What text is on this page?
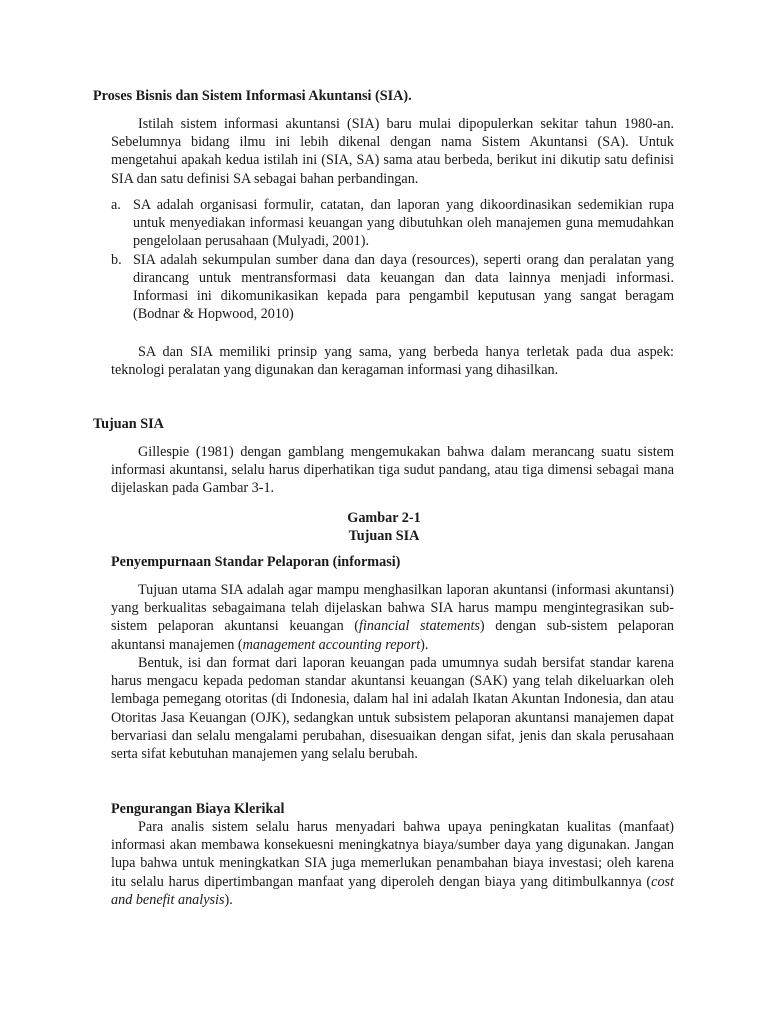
Proses Bisnis dan Sistem Informasi Akuntansi (SIA).

Istilah sistem informasi akuntansi (SIA) baru mulai dipopulerkan sekitar tahun 1980-an. Sebelumnya bidang ilmu ini lebih dikenal dengan nama Sistem Akuntansi (SA). Untuk mengetahui apakah kedua istilah ini (SIA, SA) sama atau berbeda, berikut ini dikutip satu definisi SIA dan satu definisi SA sebagai bahan perbandingan.

a. SA adalah organisasi formulir, catatan, dan laporan yang dikoordinasikan sedemikian rupa untuk menyediakan informasi keuangan yang dibutuhkan oleh manajemen guna memudahkan pengelolaan perusahaan (Mulyadi, 2001).
b. SIA adalah sekumpulan sumber dana dan daya (resources), seperti orang dan peralatan yang dirancang untuk mentransformasi data keuangan dan data lainnya menjadi informasi. Informasi ini dikomunikasikan kepada para pengambil keputusan yang sangat beragam (Bodnar & Hopwood, 2010)

SA dan SIA memiliki prinsip yang sama, yang berbeda hanya terletak pada dua aspek: teknologi peralatan yang digunakan dan keragaman informasi yang dihasilkan.

Tujuan SIA

Gillespie (1981) dengan gamblang mengemukakan bahwa dalam merancang suatu sistem informasi akuntansi, selalu harus diperhatikan tiga sudut pandang, atau tiga dimensi sebagai mana dijelaskan pada Gambar 3-1.

Gambar 2-1
Tujuan SIA
Penyempurnaan Standar Pelaporan (informasi)

Tujuan utama SIA adalah agar mampu menghasilkan laporan akuntansi (informasi akuntansi) yang berkualitas sebagaimana telah dijelaskan bahwa SIA harus mampu mengintegrasikan sub-sistem pelaporan akuntansi keuangan (financial statements) dengan sub-sistem pelaporan akuntansi manajemen (management accounting report).

Bentuk, isi dan format dari laporan keuangan pada umumnya sudah bersifat standar karena harus mengacu kepada pedoman standar akuntansi keuangan (SAK) yang telah dikeluarkan oleh lembaga pemegang otoritas (di Indonesia, dalam hal ini adalah Ikatan Akuntan Indonesia, dan atau Otoritas Jasa Keuangan (OJK), sedangkan untuk subsistem pelaporan akuntansi manajemen dapat bervariasi dan selalu mengalami perubahan, disesuaikan dengan sifat, jenis dan skala perusahaan serta sifat kebutuhan manajemen yang selalu berubah.

Pengurangan Biaya Klerikal

Para analis sistem selalu harus menyadari bahwa upaya peningkatan kualitas (manfaat) informasi akan membawa konsekuesni meningkatnya biaya/sumber daya yang digunakan. Jangan lupa bahwa untuk meningkatkan SIA juga memerlukan penambahan biaya investasi; oleh karena itu selalu harus dipertimbangan manfaat yang diperoleh dengan biaya yang ditimbulkannya (cost and benefit analysis).
